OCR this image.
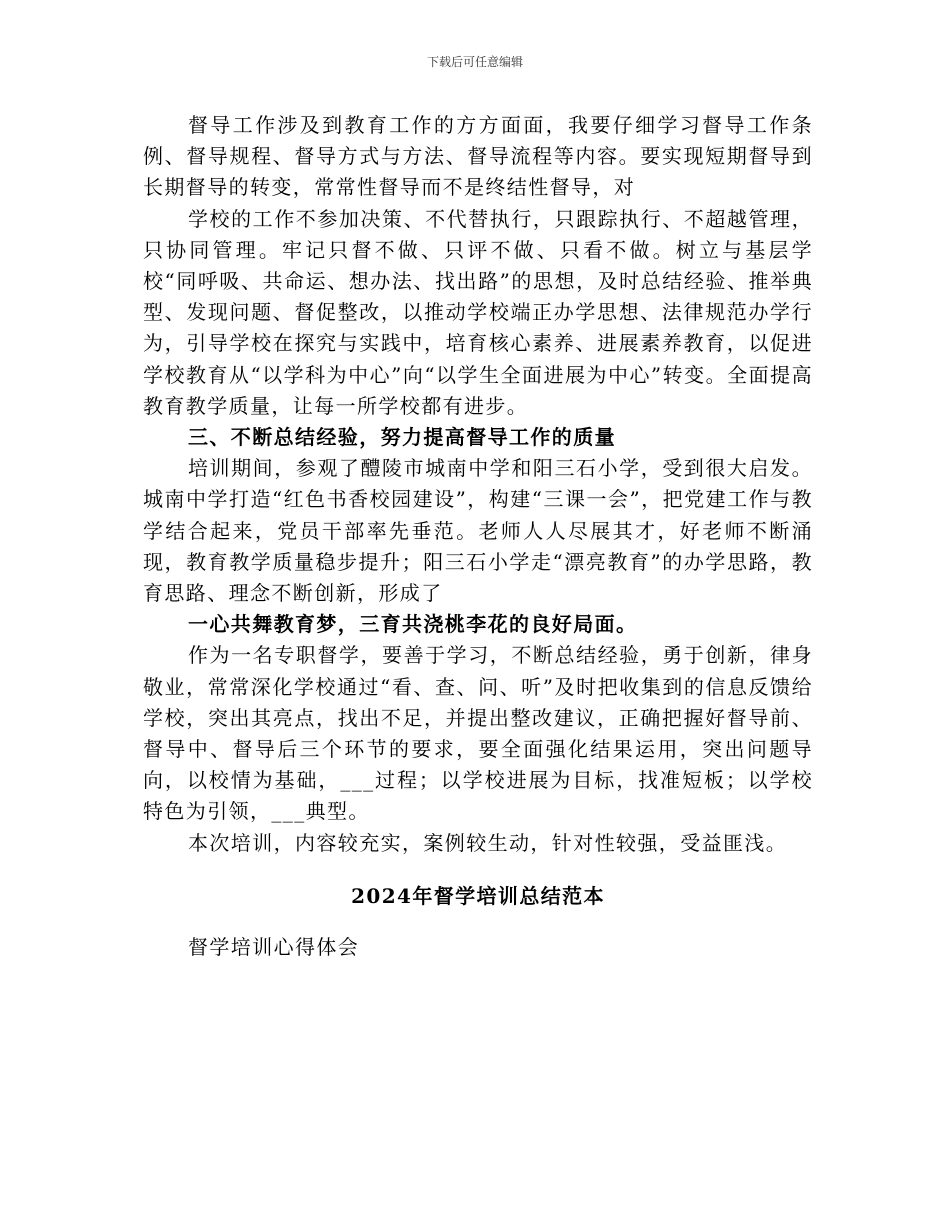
下载后可任意编辑

督导工作涉及到教育工作的方方面面，我要仔细学习督导工作条例、督导规程、督导方式与方法、督导流程等内容。要实现短期督导到长期督导的转变，常常性督导而不是终结性督导，对

学校的工作不参加决策、不代替执行，只跟踪执行、不超越管理，只协同管理。牢记只督不做、只评不做、只看不做。树立与基层学校“同呼吸、共命运、想办法、找出路”的思想，及时总结经验、推举典型、发现问题、督促整改，以推动学校端正办学思想、法律规范办学行为，引导学校在探究与实践中，培育核心素养、进展素养教育，以促进学校教育从“以学科为中心”向“以学生全面进展为中心”转变。全面提高教育教学质量，让每一所学校都有进步。

三、不断总结经验，努力提高督导工作的质量

培训期间，参观了醴陵市城南中学和阳三石小学，受到很大启发。城南中学打造“红色书香校园建设”，构建“三课一会”，把党建工作与教学结合起来，党员干部率先垂范。老师人人尽展其才，好老师不断涌现，教育教学质量稳步提升；阳三石小学走“漂亮教育”的办学思路，教育思路、理念不断创新，形成了

一心共舞教育梦，三育共浇桃李花的良好局面。

作为一名专职督学，要善于学习，不断总结经验，勇于创新，律身敬业，常常深化学校通过“看、查、问、听”及时把收集到的信息反馈给学校，突出其亮点，找出不足，并提出整改建议，正确把握好督导前、督导中、督导后三个环节的要求，要全面强化结果运用，突出问题导向，以校情为基础，___过程；以学校进展为目标，找准短板；以学校特色为引领，___典型。

本次培训，内容较充实，案例较生动，针对性较强，受益匪浅。

2024年督学培训总结范本

督学培训心得体会
